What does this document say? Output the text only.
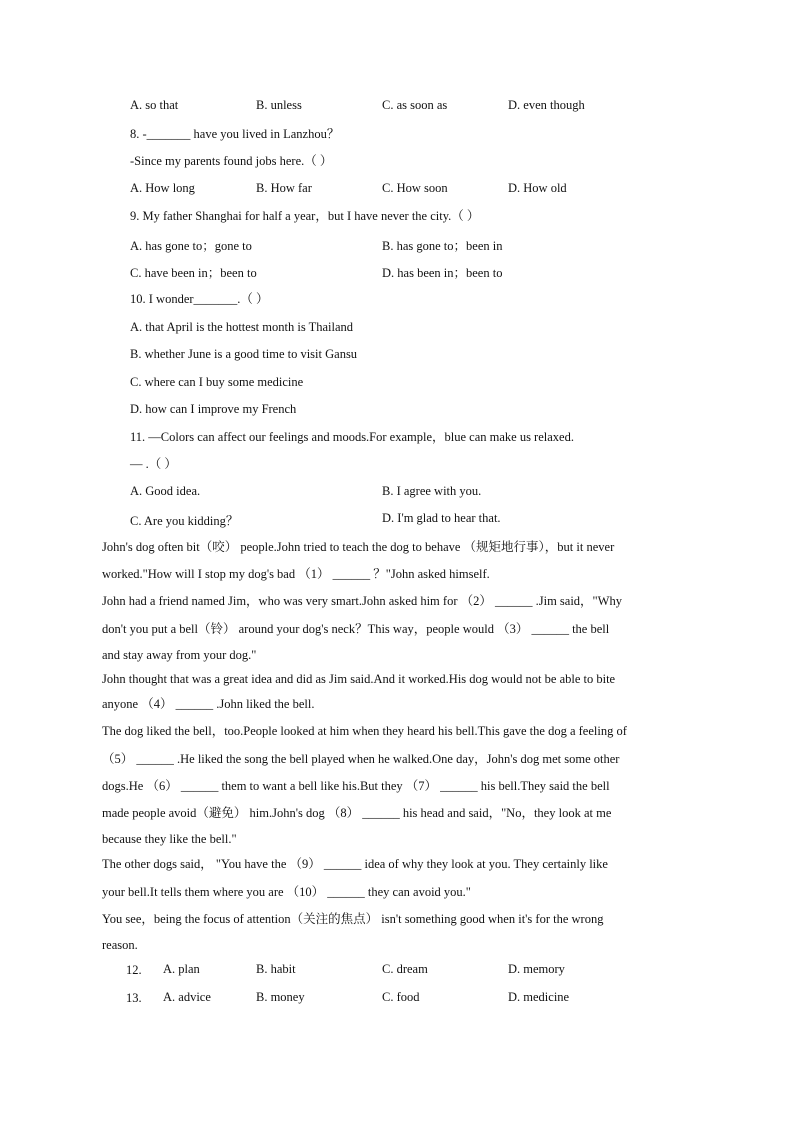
A. so that	B. unless	C. as soon as	D. even though
8. -_______ have you lived in Lanzhou？
-Since my parents found jobs here.（ ）
A. How long	B. How far	C. How soon	D. How old
9. My father Shanghai for half a year，but I have never the city.（ ）
A. has gone to；gone to	B. has gone to；been in
C. have been in；been to	D. has been in；been to
10. I wonder_______.（ ）
A. that April is the hottest month is Thailand
B. whether June is a good time to visit Gansu
C. where can I buy some medicine
D. how can I improve my French
11. —Colors can affect our feelings and moods.For example，blue can make us relaxed.
— .（ ）
A. Good idea.	B. I agree with you.
C. Are you kidding？	D. I'm glad to hear that.
John's dog often bit（咬） people.John tried to teach the dog to behave （规矩地行事），but it never
worked."How will I stop my dog's bad （1） ______ ？"John asked himself.
John had a friend named Jim，who was very smart.John asked him for （2） ______ .Jim said，"Why
don't you put a bell（铃） around your dog's neck？This way，people would （3） ______ the bell
and stay away from your dog."
John thought that was a great idea and did as Jim said.And it worked.His dog would not be able to bite
anyone （4） ______ .John liked the bell.
The dog liked the bell，too.People looked at him when they heard his bell.This gave the dog a feeling of
（5） ______ .He liked the song the bell played when he walked.One day，John's dog met some other
dogs.He （6） ______ them to want a bell like his.But they （7） ______ his bell.They said the bell
made people avoid（避免） him.John's dog （8） ______ his head and said，"No，they look at me
because they like the bell."
The other dogs said， "You have the （9） ______ idea of why they look at you. They certainly like
your bell.It tells them where you are （10） ______ they can avoid you."
You see，being the focus of attention（关注的焦点） isn't something good when it's for the wrong
reason.
12. A. plan	B. habit	C. dream	D. memory
13. A. advice	B. money	C. food	D. medicine
